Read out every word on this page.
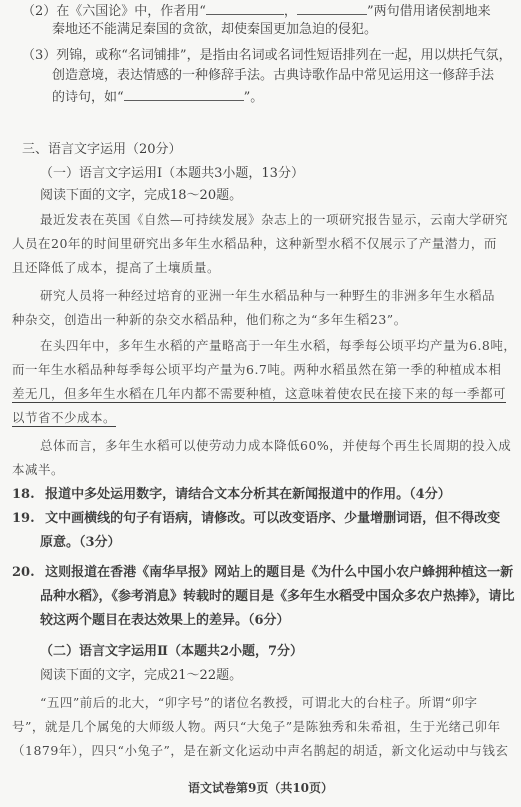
（2）在《六国论》中，作者用“	，	”两句借用诸侯割地来
秦地还不能满足秦国的贪欲，却使秦国更加急迫的侵犯。
（3）列锦，或称“名词铺排”，是指由名词或名词性短语排列在一起，用以烘托气氛，
创造意境，表达情感的一种修辞手法。古典诗歌作品中常见运用这一修辞手法
的诗句，如“	”。
三、语言文字运用（20分）
（一）语言文字运用Ⅰ（本题共3小题，13分）
阅读下面的文字，完成18～20题。
最近发表在英国《自然—可持续发展》杂志上的一项研究报告显示，云南大学研究
人员在20年的时间里研究出多年生水稻品种，这种新型水稻不仅展示了产量潜力，而
且还降低了成本，提高了土壤质量。
研究人员将一种经过培育的亚洲一年生水稻品种与一种野生的非洲多年生水稻品
种杂交，创造出一种新的杂交水稻品种，他们称之为“多年生稻23”。
在头四年中，多年生水稻的产量略高于一年生水稻，每季每公顷平均产量为6.8吨，
而一年生水稻品种每季每公顷平均产量为6.7吨。两种水稻虽然在第一季的种植成本相
差无几，但多年生水稻在几年内都不需要种植，这意味着使农民在接下来的每一季都可
以节省不少成本。
总体而言，多年生水稻可以使劳动力成本降低60%，并使每个再生长周期的投入成
本减半。
18. 报道中多处运用数字，请结合文本分析其在新闻报道中的作用。（4分）
19. 文中画横线的句子有语病，请修改。可以改变语序、少量增删词语，但不得改变
原意。（3分）
20. 这则报道在香港《南华早报》网站上的题目是《为什么中国小农户蜂拥种植这一新
品种水稻》，《参考消息》转载时的题目是《多年生水稻受中国众多农户热捧》，请比
较这两个题目在表达效果上的差异。（6分）
（二）语言文字运用Ⅱ（本题共2小题，7分）
阅读下面的文字，完成21～22题。
“五四”前后的北大，“卯字号”的诸位名教授，可谓北大的台柱子。所谓“卯字
号”，就是几个属兔的大师级人物。两只“大兔子”是陈独秀和朱希祖，生于光绪己卯年
（1879年），四只“小兔子”，是在新文化运动中声名鹊起的胡适，新文化运动中与钱玄
语文试卷第9页（共10页）
